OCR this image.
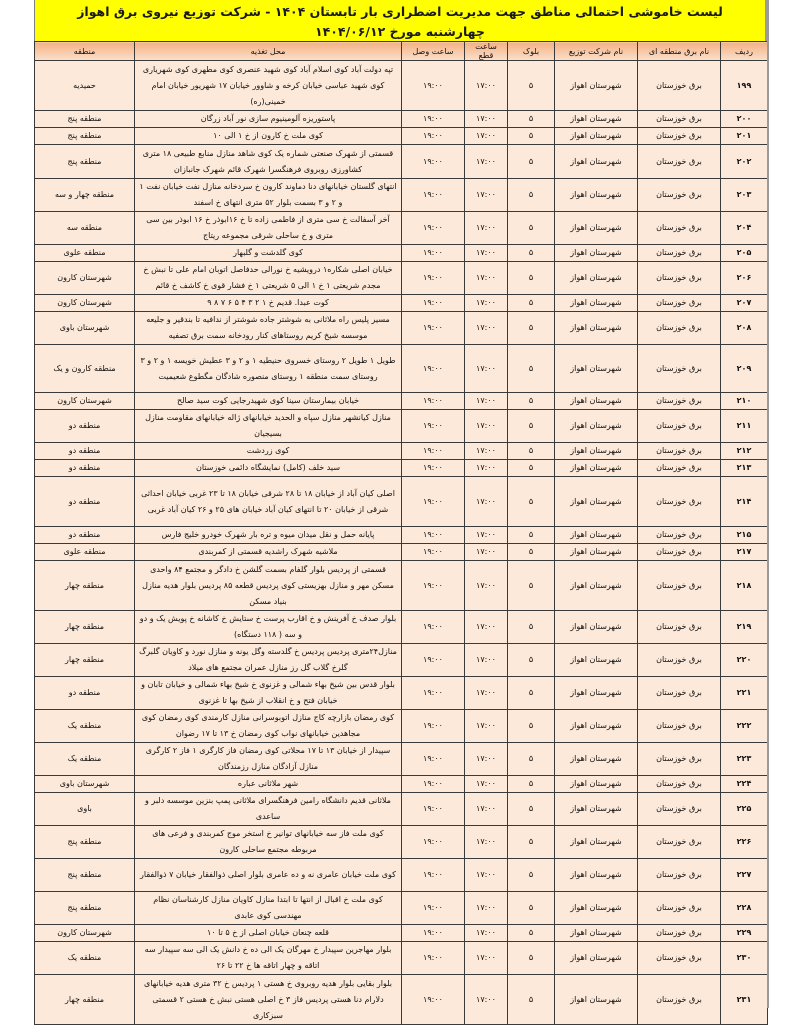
لیست خاموشی احتمالی مناطق جهت مدیریت اضطراری بار تابستان ۱۴۰۴ - شرکت توزیع نیروی برق اهواز
چهارشنبه مورخ ۱۴۰۴/۰۶/۱۲
ردیف	نام برق منطقه ای	نام شرکت توزیع	بلوک	ساعت قطع	ساعت وصل	محل تغذیه	منطقه
۱۹۹	برق خوزستان	شهرستان اهواز	۵	۱۷:۰۰	۱۹:۰۰	تپه دولت آباد کوی اسلام آباد کوی شهید عنصری کوی مطهری کوی شهریاری کوی شهید عباسی خیابان کرخه و شاوور خیابان ۱۷ شهریور خیابان امام خمینی(ره)	حمیدیه
۲۰۰	برق خوزستان	شهرستان اهواز	۵	۱۷:۰۰	۱۹:۰۰	پاستوریزه آلومینیوم سازی نور آباد زرگان	منطقه پنج
۲۰۱	برق خوزستان	شهرستان اهواز	۵	۱۷:۰۰	۱۹:۰۰	کوی ملت خ کارون از خ ۱ الی ۱۰	منطقه پنج
۲۰۲	برق خوزستان	شهرستان اهواز	۵	۱۷:۰۰	۱۹:۰۰	قسمتی از شهرک صنعتی شماره یک کوی شاهد منازل منابع طبیعی ۱۸ متری کشاورزی روبروی فرهنگسرا شهرک قائم شهرک جانبازان	منطقه پنج
۲۰۳	برق خوزستان	شهرستان اهواز	۵	۱۷:۰۰	۱۹:۰۰	انتهای گلستان خیابانهای دنا دماوند کارون خ سردخانه منازل نفت خیابان نفت ۱ و ۲ و ۳ بسمت بلوار ۵۲ متری انتهای خ اسفند	منطقه چهار و سه
۲۰۴	برق خوزستان	شهرستان اهواز	۵	۱۷:۰۰	۱۹:۰۰	آخر آسفالت خ سی متری از فاطمی زاده تا خ ۱۶ابوذر خ ۱۶ ابوذر بین سی متری و خ ساحلی شرقی مجموعه ریتاج	منطقه سه
۲۰۵	برق خوزستان	شهرستان اهواز	۵	۱۷:۰۰	۱۹:۰۰	کوی گلدشت و گلبهار	منطقه علوی
۲۰۶	برق خوزستان	شهرستان اهواز	۵	۱۷:۰۰	۱۹:۰۰	خیابان اصلی شکاره۱ درویشیه خ نورالی حدفاصل اتوبان امام علی تا نبش خ مجدم شریعتی ۱ خ ۱ الی ۵ شریعتی ۱ خ فشار قوی خ کاشف خ قائم	شهرستان کارون
۲۰۷	برق خوزستان	شهرستان اهواز	۵	۱۷:۰۰	۱۹:۰۰	کوت عبدا. قدیم خ ۱ ۲ ۳ ۴ ۵ ۶ ۷ ۸ ۹	شهرستان کارون
۲۰۸	برق خوزستان	شهرستان اهواز	۵	۱۷:۰۰	۱۹:۰۰	مسیر پلیس راه ملاثانی به شوشتر جاده شوشتر از ندافیه تا بندقیر و جلیعه موسسه شیخ کریم روستاهای کنار رودخانه سمت برق تصفیه	شهرستان باوی
۲۰۹	برق خوزستان	شهرستان اهواز	۵	۱۷:۰۰	۱۹:۰۰	طویل ۱ طویل ۲ روستای خسروی حنیطیه ۱ و ۲ و ۳ عطیش خویسه ۱ و ۲ و ۳ روستای سمت منطقه ۱ روستای منصوره شادگان مگطوع شعیمیت	منطقه کارون و یک
۲۱۰	برق خوزستان	شهرستان اهواز	۵	۱۷:۰۰	۱۹:۰۰	خیابان بیمارستان سینا کوی شهیدرجایی کوت سید صالح	شهرستان کارون
۲۱۱	برق خوزستان	شهرستان اهواز	۵	۱۷:۰۰	۱۹:۰۰	منازل کیانشهر منازل سپاه و الحدید خیابانهای ژاله خیابانهای مقاومت منازل بسیجیان	منطقه دو
۲۱۲	برق خوزستان	شهرستان اهواز	۵	۱۷:۰۰	۱۹:۰۰	کوی زردشت	منطقه دو
۲۱۳	برق خوزستان	شهرستان اهواز	۵	۱۷:۰۰	۱۹:۰۰	سید خلف (کامل) نمایشگاه دائمی خوزستان	منطقه دو
۲۱۴	برق خوزستان	شهرستان اهواز	۵	۱۷:۰۰	۱۹:۰۰	اصلی کیان آباد از خیابان ۱۸ تا ۲۸ شرقی خیابان ۱۸ تا ۲۳ غربی خیابان احداثی شرقی از خیابان ۲۰ تا انتهای کیان آباد خیابان های ۲۵ و ۲۶ کیان آباد غربی	منطقه دو
۲۱۵	برق خوزستان	شهرستان اهواز	۵	۱۷:۰۰	۱۹:۰۰	پایانه حمل و نقل میدان میوه و تره بار شهرک خودرو خلیج فارس	منطقه دو
۲۱۷	برق خوزستان	شهرستان اهواز	۵	۱۷:۰۰	۱۹:۰۰	ملاشیه شهرک راشدیه قسمتی از کمربندی	منطقه علوی
۲۱۸	برق خوزستان	شهرستان اهواز	۵	۱۷:۰۰	۱۹:۰۰	قسمتی از پردیس بلوار گلفام بسمت گلشن خ دادگر و مجتمع ۸۴ واحدی مسکن مهر و منازل بهزیستی کوی پردیس قطعه ۸۵ پردیس بلوار هدیه منازل بنیاد مسکن	منطقه چهار
۲۱۹	برق خوزستان	شهرستان اهواز	۵	۱۷:۰۰	۱۹:۰۰	بلوار صدف خ آفرینش و خ اقارب پرست خ ستایش خ کاشانه خ پویش یک و دو و سه ( ۱۱۸ دستگاه)	منطقه چهار
۲۲۰	برق خوزستان	شهرستان اهواز	۵	۱۷:۰۰	۱۹:۰۰	منازل۲۴متری پردیس پردیس خ گلدسته وگل یونه و منازل نورد و کاویان گلبرگ گلرخ گلاب گل رز منازل عمران مجتمع های میلاد	منطقه چهار
۲۲۱	برق خوزستان	شهرستان اهواز	۵	۱۷:۰۰	۱۹:۰۰	بلوار قدس بین شیخ بهاء شمالی و غزنوی خ شیخ بهاء شمالی و خیابان تابان و خیابان فتح و خ انقلاب از شیخ بها تا غزنوی	منطقه دو
۲۲۲	برق خوزستان	شهرستان اهواز	۵	۱۷:۰۰	۱۹:۰۰	کوی رمضان بازارچه کاج منازل اتوبوسرانی منازل کارمندی کوی رمضان کوی مجاهدین خیابانهای نواب کوی رمضان خ ۱۳ تا ۱۷ رضوان	منطقه یک
۲۲۳	برق خوزستان	شهرستان اهواز	۵	۱۷:۰۰	۱۹:۰۰	سپیدار از خیابان ۱۳ تا ۱۷ محلاتی کوی رمضان فاز کارگری ۱ فاز ۲ کارگری منازل آزادگان منازل رزمندگان	منطقه یک
۲۲۴	برق خوزستان	شهرستان اهواز	۵	۱۷:۰۰	۱۹:۰۰	شهر ملاثانی عباره	شهرستان باوی
۲۲۵	برق خوزستان	شهرستان اهواز	۵	۱۷:۰۰	۱۹:۰۰	ملاثانی قدیم دانشگاه رامین فرهنگسرای ملاثانی پمپ بنزین موسسه دلبر و ساعدی	باوی
۲۲۶	برق خوزستان	شهرستان اهواز	۵	۱۷:۰۰	۱۹:۰۰	کوی ملت فاز سه خیابانهای توانیر خ استخر موج کمربندی و فرعی های مربوطه مجتمع ساحلی کارون	منطقه پنج
۲۲۷	برق خوزستان	شهرستان اهواز	۵	۱۷:۰۰	۱۹:۰۰	کوی ملت خیابان عامری نه و ده عامری بلوار اصلی ذوالفقار خیابان ۷ ذوالفقار	منطقه پنج
۲۲۸	برق خوزستان	شهرستان اهواز	۵	۱۷:۰۰	۱۹:۰۰	کوی ملت خ اقبال از انتها تا ابتدا منازل کاویان منازل کارشناسان نظام مهندسی کوی عابدی	منطقه پنج
۲۲۹	برق خوزستان	شهرستان اهواز	۵	۱۷:۰۰	۱۹:۰۰	قلعه چنعان خیابان اصلی از خ ۵ تا ۱۰	شهرستان کارون
۲۳۰	برق خوزستان	شهرستان اهواز	۵	۱۷:۰۰	۱۹:۰۰	بلوار مهاجرین سپیدار خ مهرگان یک الی ده خ دانش یک الی سه سپیدار سه اتاقه و چهار اتاقه ها خ ۲۲ تا ۲۶	منطقه یک
۲۳۱	برق خوزستان	شهرستان اهواز	۵	۱۷:۰۰	۱۹:۰۰	بلوار بقایی بلوار هدیه روبروی خ هستی ۱ پردیس خ ۳۲ متری هدیه خیابانهای دلارام دنا هستی پردیس فاز ۳ خ اصلی هستی نبش خ هستی ۲ قسمتی سبزکاری	منطقه چهار
